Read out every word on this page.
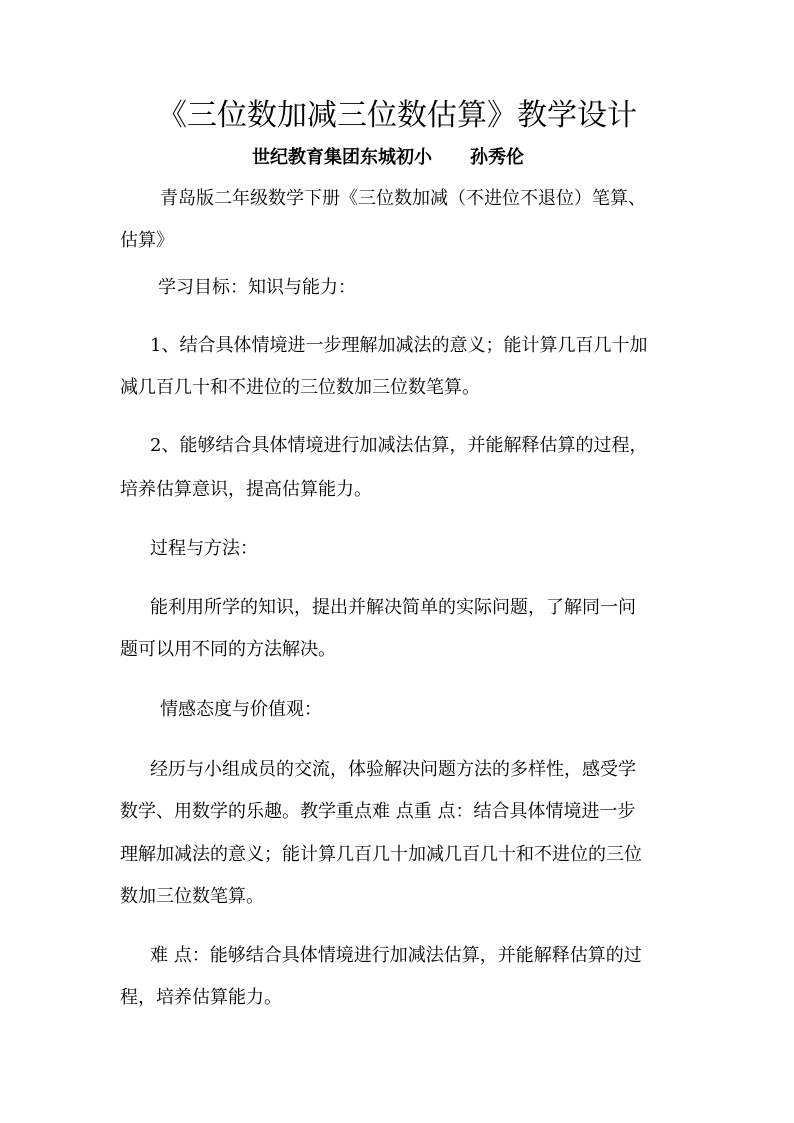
《三位数加减三位数估算》教学设计
世纪教育集团东城初小 孙秀伦
青岛版二年级数学下册《三位数加减（不进位不退位）笔算、
估算》
学习目标：知识与能力：
1、结合具体情境进一步理解加减法的意义；能计算几百几十加
减几百几十和不进位的三位数加三位数笔算。
2、能够结合具体情境进行加减法估算，并能解释估算的过程，
培养估算意识，提高估算能力。
过程与方法：
能利用所学的知识，提出并解决简单的实际问题，了解同一问
题可以用不同的方法解决。
情感态度与价值观：
经历与小组成员的交流，体验解决问题方法的多样性，感受学
数学、用数学的乐趣。教学重点难 点重 点：结合具体情境进一步
理解加减法的意义；能计算几百几十加减几百几十和不进位的三位
数加三位数笔算。
难 点：能够结合具体情境进行加减法估算，并能解释估算的过
程，培养估算能力。
